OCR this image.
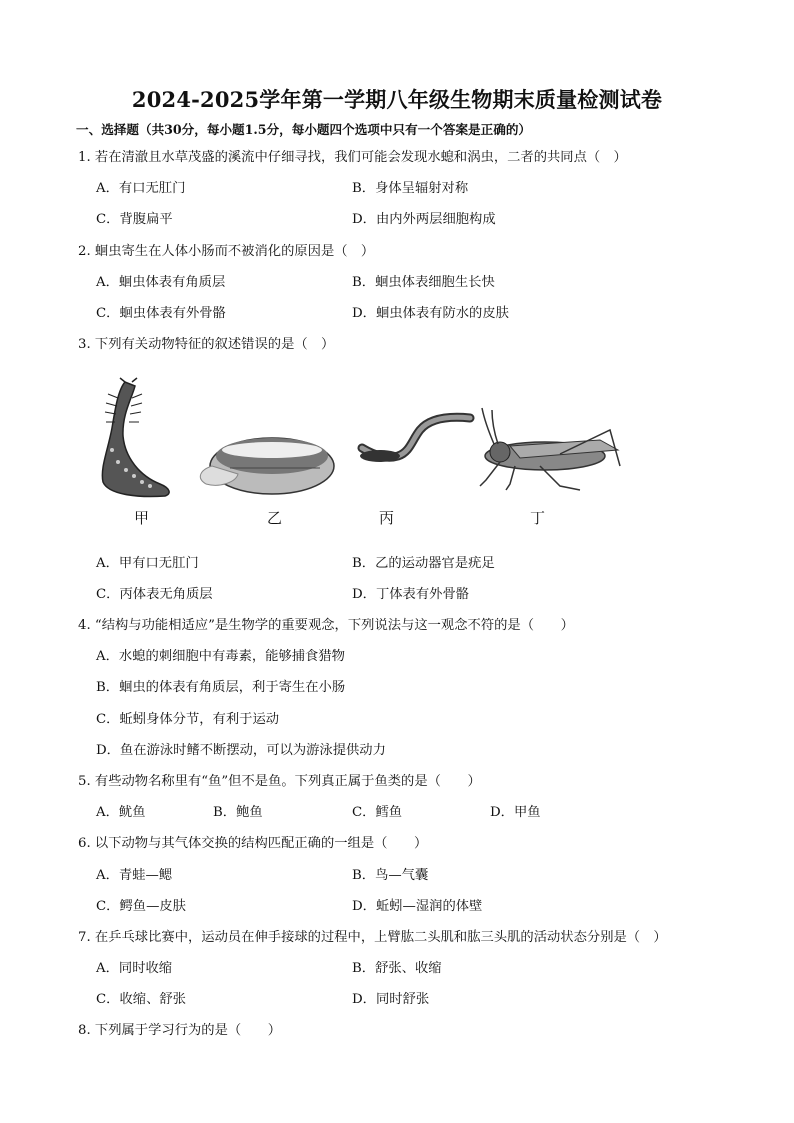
2024-2025学年第一学期八年级生物期末质量检测试卷
一、选择题（共30分，每小题1.5分，每小题四个选项中只有一个答案是正确的）
1. 若在清澈且水草茂盛的溪流中仔细寻找，我们可能会发现水螅和涡虫，二者的共同点（　）
A．有口无肛门	B．身体呈辐射对称
C．背腹扁平	D．由内外两层细胞构成
2. 蛔虫寄生在人体小肠而不被消化的原因是（　）
A．蛔虫体表有角质层	B．蛔虫体表细胞生长快
C．蛔虫体表有外骨骼	D．蛔虫体表有防水的皮肤
3. 下列有关动物特征的叙述错误的是（　）
甲	乙	丙	丁
A．甲有口无肛门	B．乙的运动器官是疣足
C．丙体表无角质层	D．丁体表有外骨骼
4. “结构与功能相适应”是生物学的重要观念，下列说法与这一观念不符的是（　　）
A．水螅的刺细胞中有毒素，能够捕食猎物
B．蛔虫的体表有角质层，利于寄生在小肠
C．蚯蚓身体分节，有利于运动
D．鱼在游泳时鳍不断摆动，可以为游泳提供动力
5. 有些动物名称里有“鱼”但不是鱼。下列真正属于鱼类的是（　　）
A．鱿鱼	B．鲍鱼	C．鳕鱼	D．甲鱼
6. 以下动物与其气体交换的结构匹配正确的一组是（　　）
A．青蛙—鳃	B．鸟—气囊
C．鳄鱼—皮肤	D．蚯蚓—湿润的体壁
7. 在乒乓球比赛中，运动员在伸手接球的过程中，上臂肱二头肌和肱三头肌的活动状态分别是（　）
A．同时收缩	B．舒张、收缩
C．收缩、舒张	D．同时舒张
8. 下列属于学习行为的是（　　）
